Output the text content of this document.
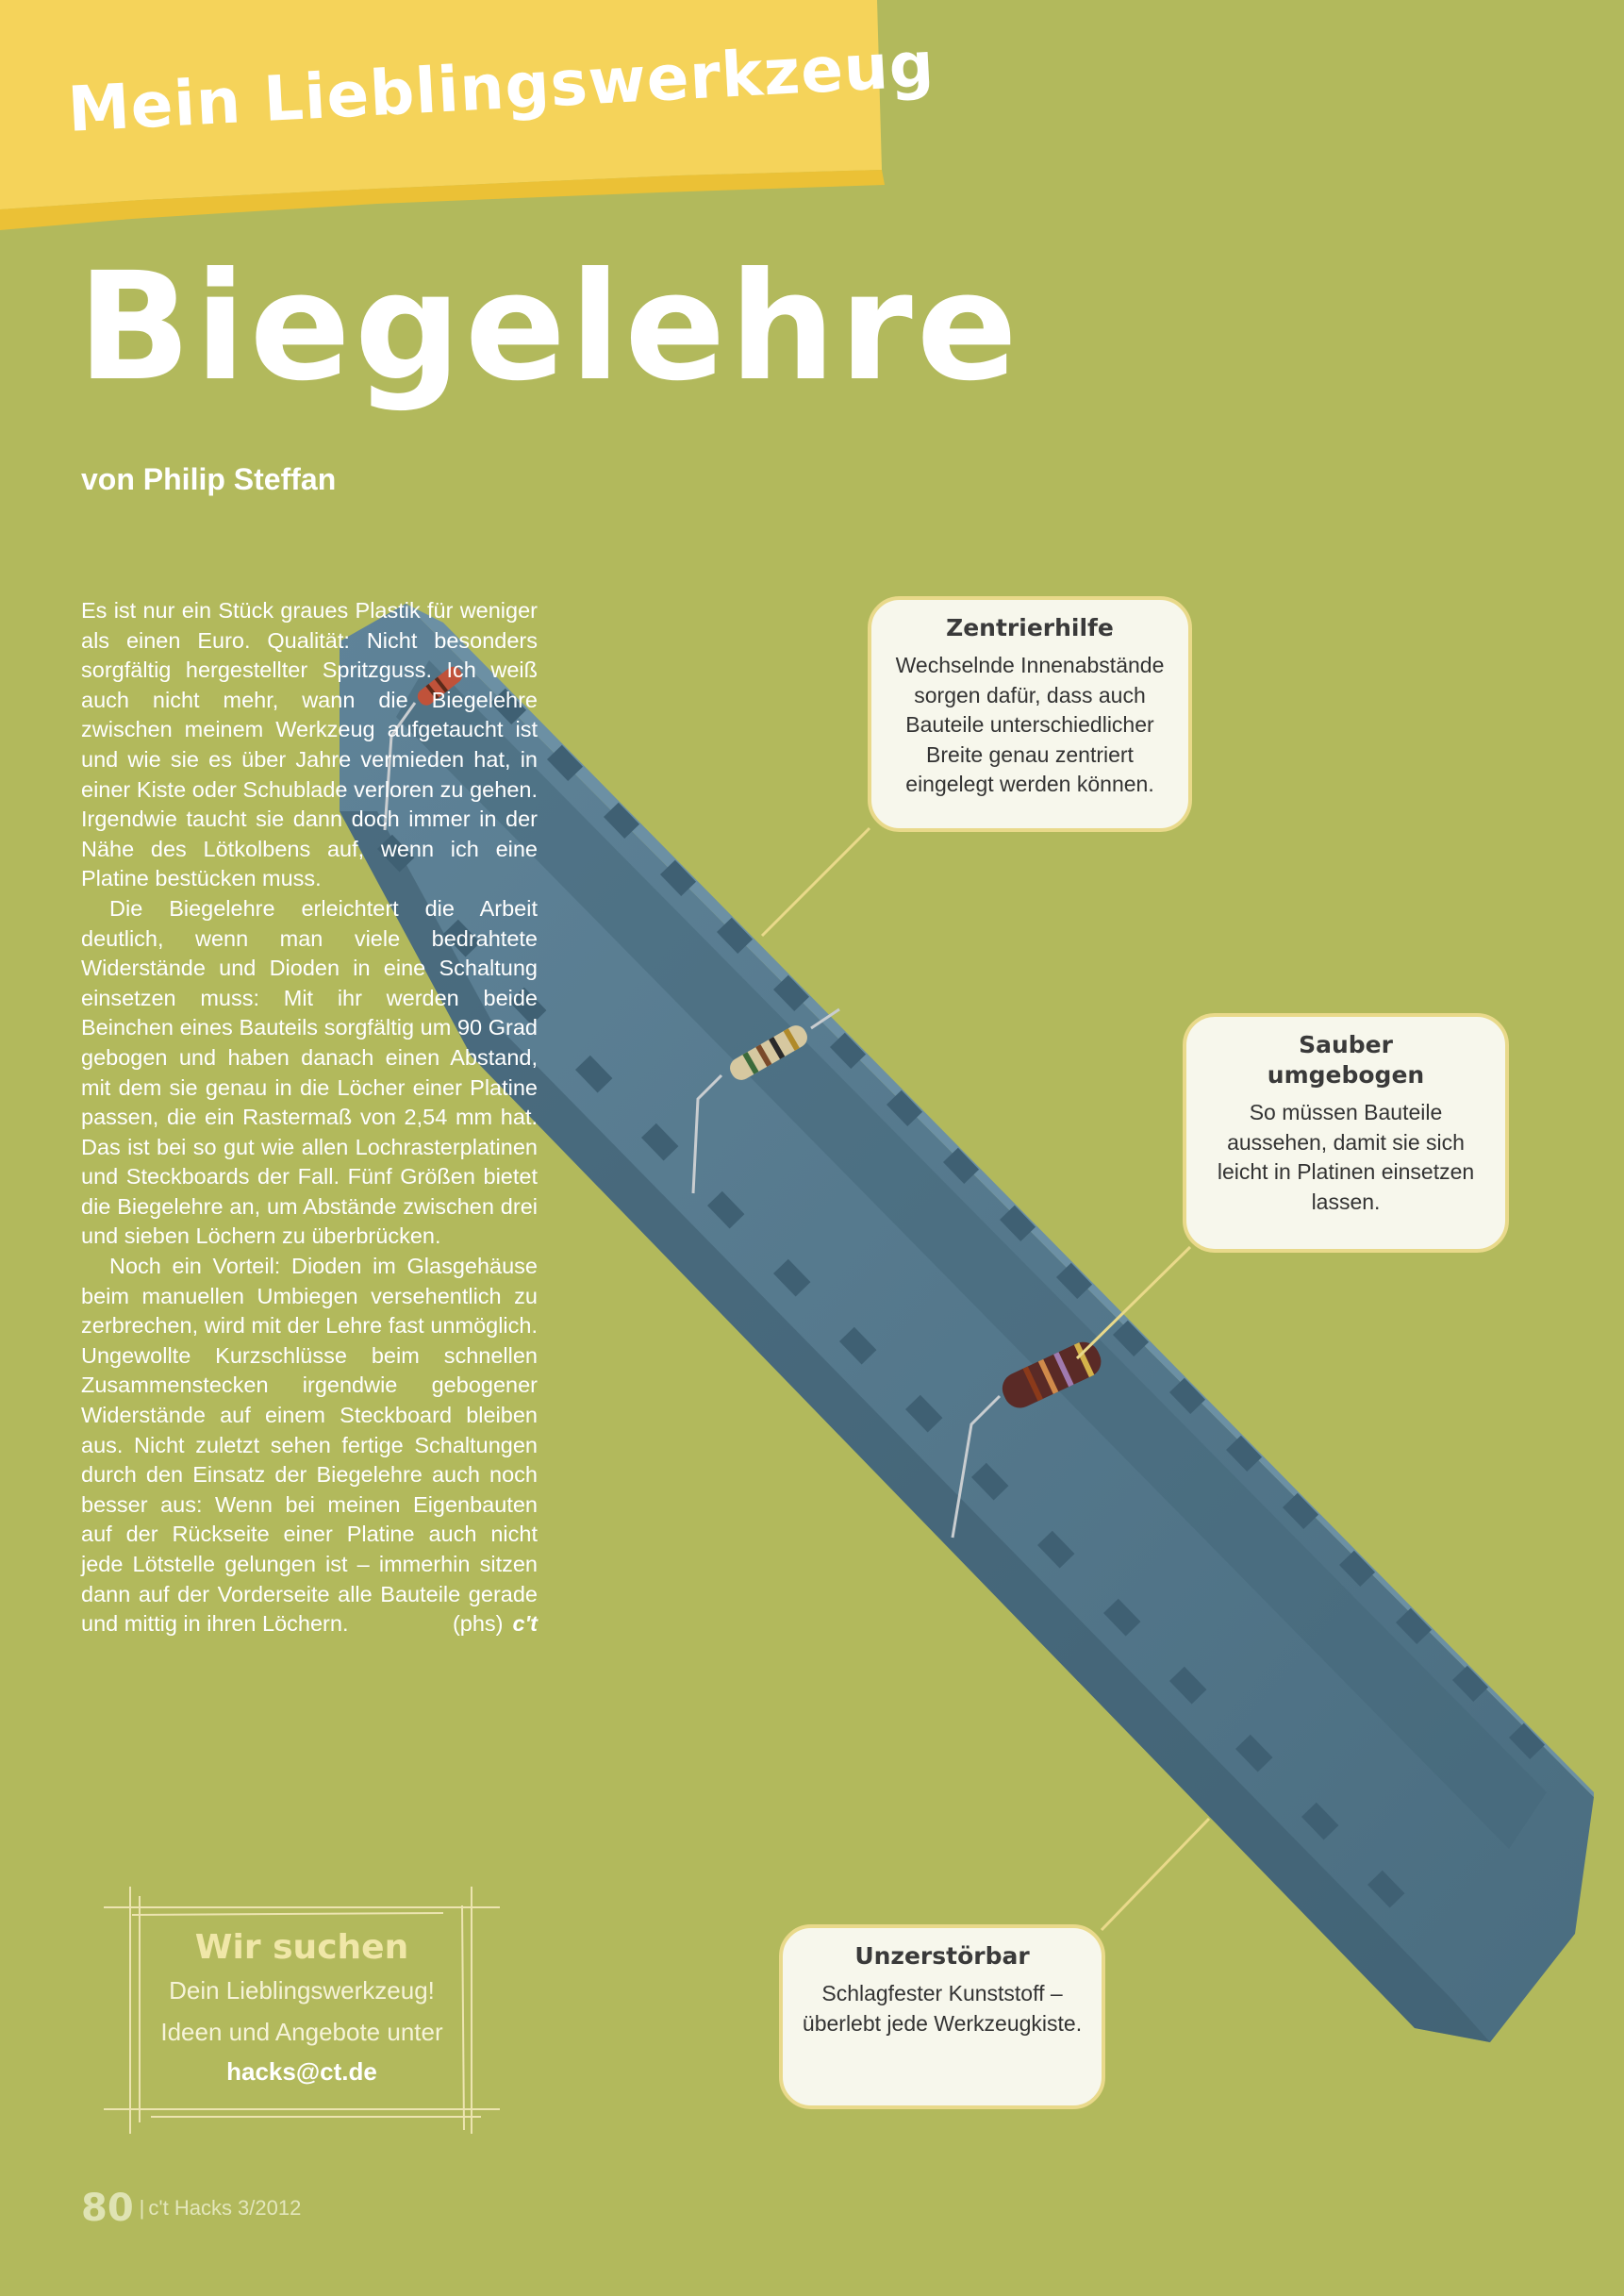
Mein Lieblingswerkzeug
Biegelehre
von Philip Steffan

Es ist nur ein Stück graues Plastik für weniger als einen Euro. Qualität: Nicht besonders sorgfältig hergestellter Spritzguss. Ich weiß auch nicht mehr, wann die Biegelehre zwischen meinem Werkzeug aufgetaucht ist und wie sie es über Jahre vermieden hat, in einer Kiste oder Schublade verloren zu gehen. Irgendwie taucht sie dann doch immer in der Nähe des Lötkolbens auf, wenn ich eine Platine bestücken muss.

Die Biegelehre erleichtert die Arbeit deutlich, wenn man viele bedrahtete Widerstände und Dioden in eine Schaltung einsetzen muss: Mit ihr werden beide Beinchen eines Bauteils sorgfältig um 90 Grad gebogen und haben danach einen Abstand, mit dem sie genau in die Löcher einer Platine passen, die ein Rastermaß von 2,54 mm hat. Das ist bei so gut wie allen Lochrasterplatinen und Steckboards der Fall. Fünf Größen bietet die Biegelehre an, um Abstände zwischen drei und sieben Löchern zu überbrücken.

Noch ein Vorteil: Dioden im Glasgehäuse beim manuellen Umbiegen versehentlich zu zerbrechen, wird mit der Lehre fast unmöglich. Ungewollte Kurzschlüsse beim schnellen Zusammenstecken irgendwie gebogener Widerstände auf einem Steckboard bleiben aus. Nicht zuletzt sehen fertige Schaltungen durch den Einsatz der Biegelehre auch noch besser aus: Wenn bei meinen Eigenbauten auf der Rückseite einer Platine auch nicht jede Lötstelle gelungen ist – immerhin sitzen dann auf der Vorderseite alle Bauteile gerade und mittig in ihren Löchern.	(phs) c't

Zentrierhilfe
Wechselnde Innenabstände sorgen dafür, dass auch Bauteile unterschiedlicher Breite genau zentriert eingelegt werden können.
Sauber umgebogen
So müssen Bauteile aussehen, damit sie sich leicht in Platinen einsetzen lassen.
Unzerstörbar
Schlagfester Kunststoff – überlebt jede Werkzeugkiste.
Wir suchen
Dein Lieblingswerkzeug!
Ideen und Angebote unter
hacks@ct.de
80 | c't Hacks 3/2012
